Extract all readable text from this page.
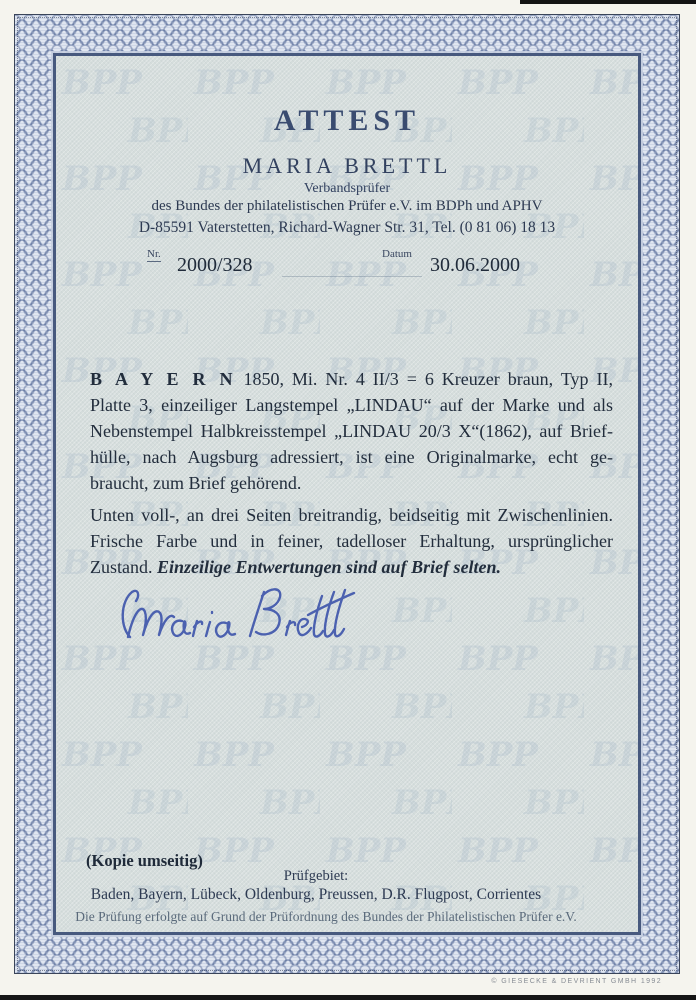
ATTEST
MARIA BRETTL
Verbandsprüfer
des Bundes der philatelistischen Prüfer e.V. im BDPh und APHV
D-85591 Vaterstetten, Richard-Wagner Str. 31, Tel. (0 81 06) 18 13
Nr. 2000/328	Datum 30.06.2000
B A Y E R N 1850, Mi. Nr. 4 II/3 = 6 Kreuzer braun, Typ II,
Platte 3, einzeiliger Langstempel „LINDAU“ auf der Marke und als
Nebenstempel Halbkreisstempel „LINDAU 20/3 X“(1862), auf Brief-
hülle, nach Augsburg adressiert, ist eine Originalmarke, echt ge-
braucht, zum Brief gehörend.
Unten voll-, an drei Seiten breitrandig, beidseitig mit Zwischenlinien.
Frische Farbe und in feiner, tadelloser Erhaltung, ursprünglicher
Zustand. Einzeilige Entwertungen sind auf Brief selten.
(Kopie umseitig)
Prüfgebiet:
Baden, Bayern, Lübeck, Oldenburg, Preussen, D.R. Flugpost, Corrientes
Die Prüfung erfolgte auf Grund der Prüfordnung des Bundes der Philatelistischen Prüfer e.V.
© GIESECKE & DEVRIENT GMBH 1992
